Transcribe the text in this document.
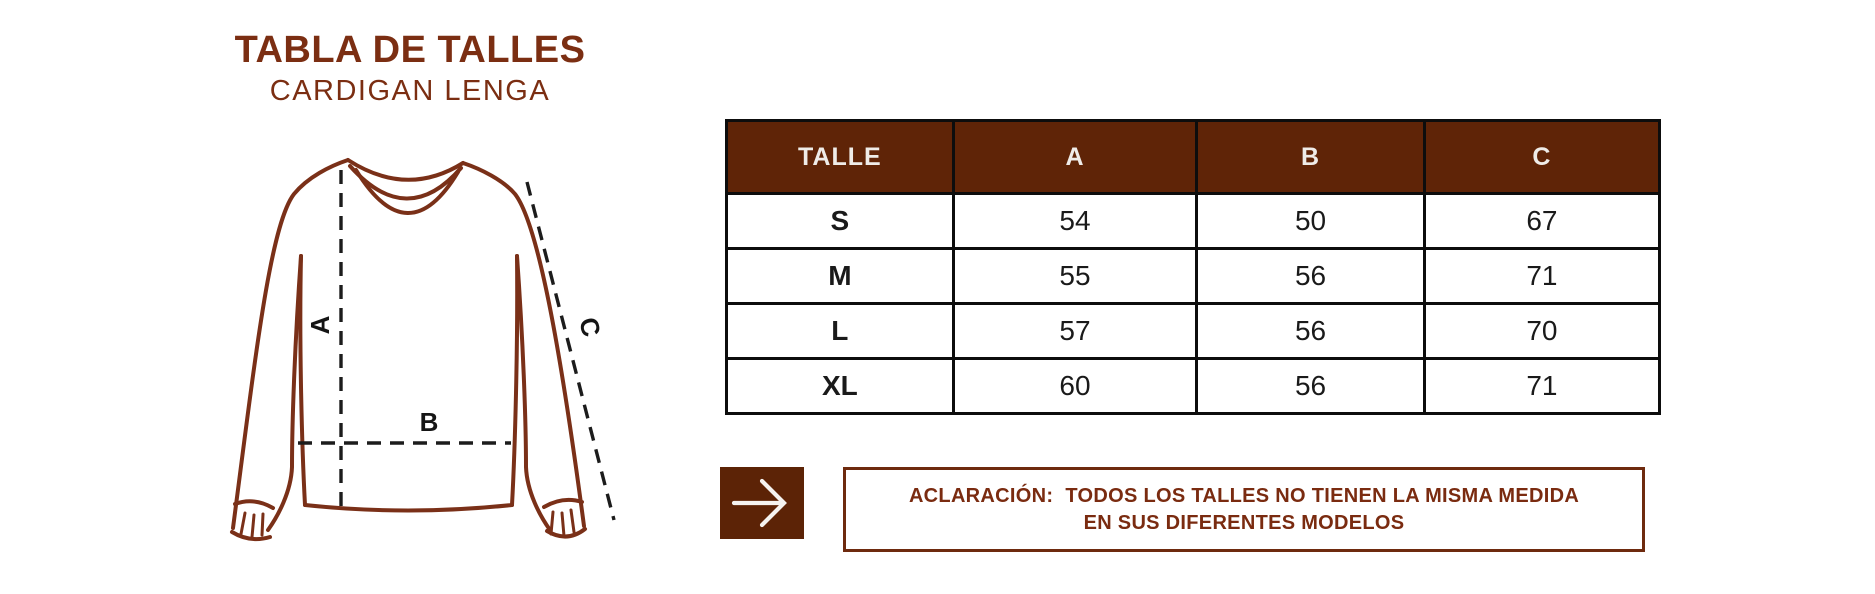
TABLA DE TALLES
CARDIGAN LENGA
A
B
C
TALLE	A	B	C
S	54	50	67
M	55	56	71
L	57	56	70
XL	60	56	71
ACLARACIÓN: TODOS LOS TALLES NO TIENEN LA MISMA MEDIDA
EN SUS DIFERENTES MODELOS
